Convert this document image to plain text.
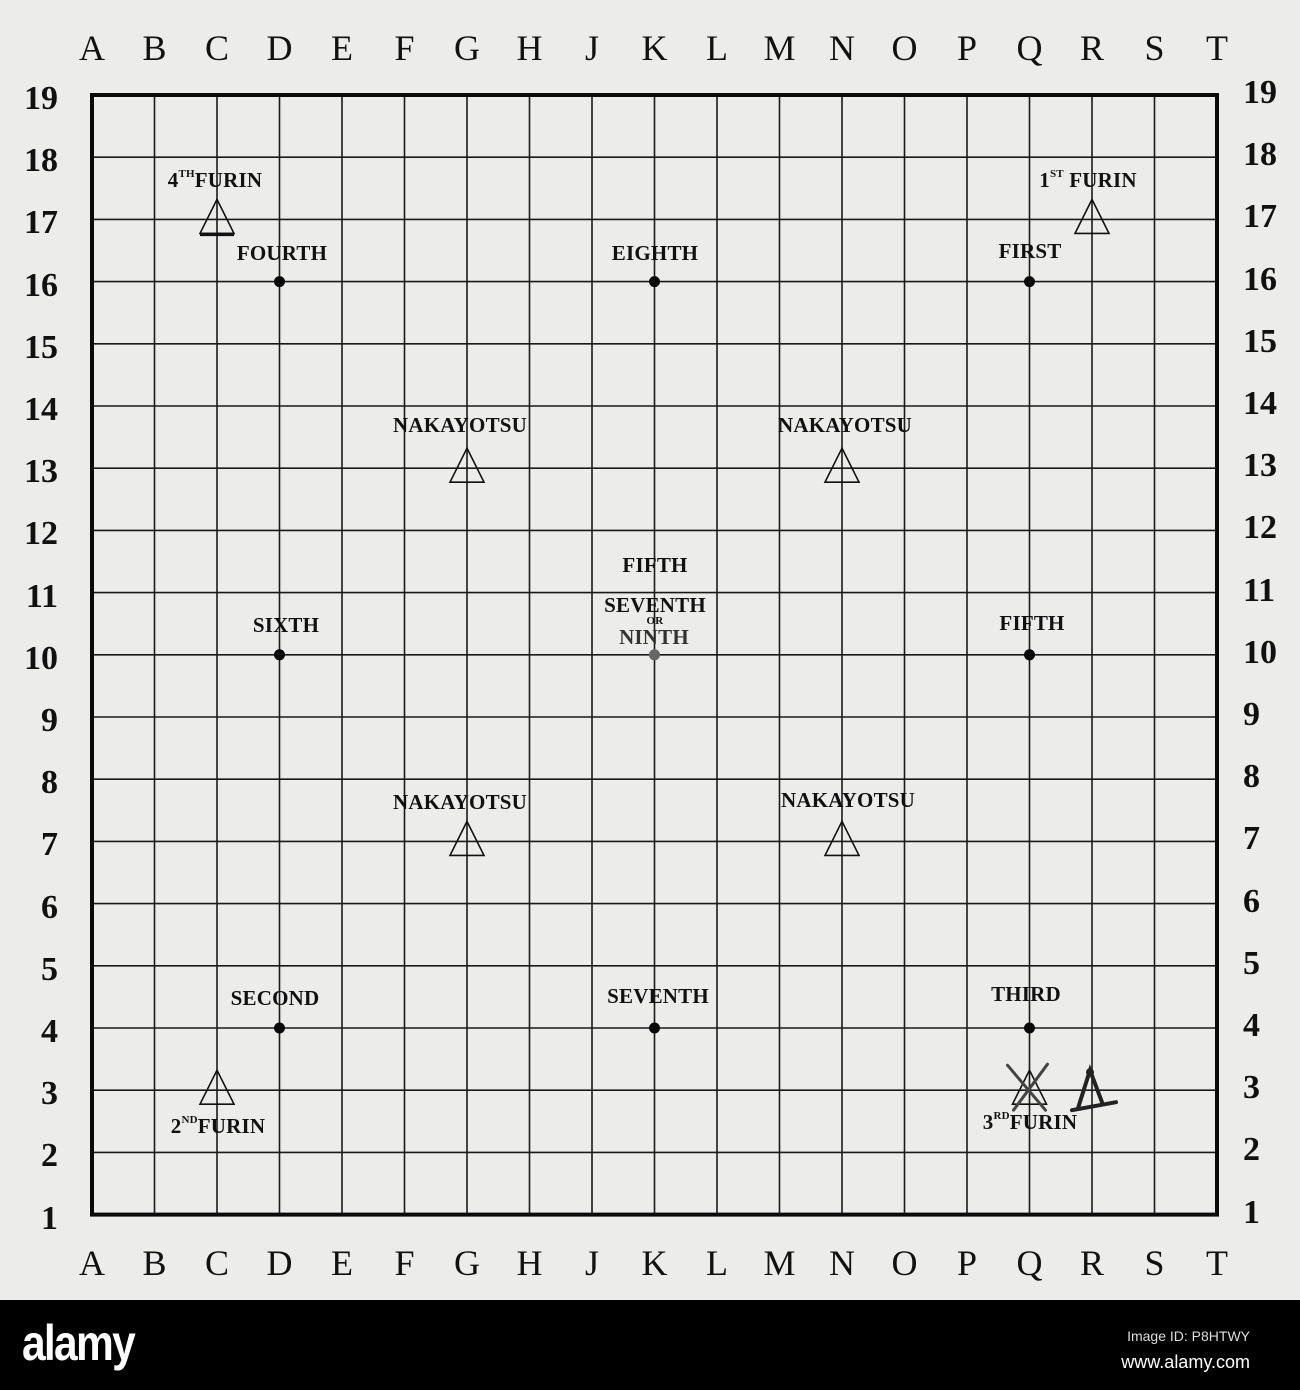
A B C D E F G H J K L M N O P Q R S T
A B C D E F G H J K L M N O P Q R S T
19
18
17
16
15
14
13
12
11
10
9
8
7
6
5
4
3
2
1
19
18
17
16
15
14
13
12
11
10
9
8
7
6
5
4
3
2
1
4THFURIN	1ST FURIN
FOURTH	EIGHTH	FIRST
NAKAYOTSU	NAKAYOTSU
FIFTH
SEVENTH
OR
NINTH
SIXTH	FIFTH
NAKAYOTSU	NAKAYOTSU
SECOND	SEVENTH	THIRD
2NDFURIN	3RDFURIN
alamy	Image ID: P8HTWY
www.alamy.com
